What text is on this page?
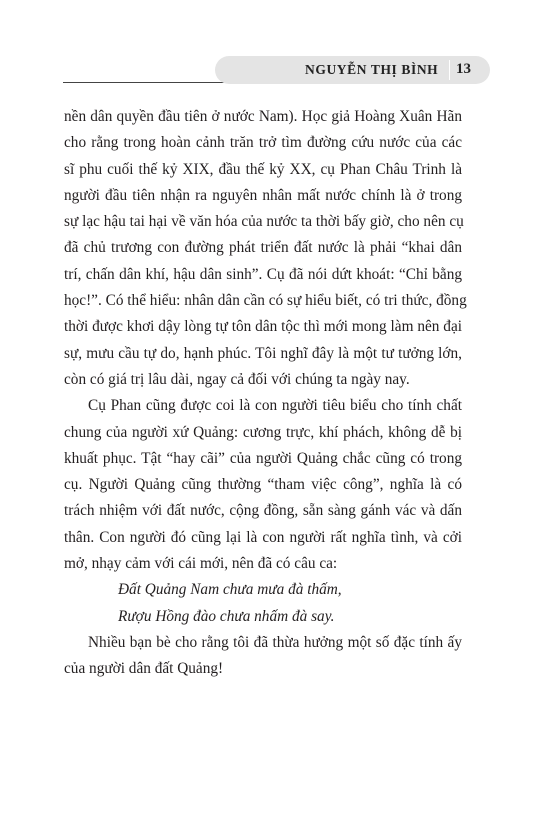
NGUYỄN THỊ BÌNH 13
nền dân quyền đầu tiên ở nước Nam). Học giả Hoàng Xuân Hãn
cho rằng trong hoàn cảnh trăn trở tìm đường cứu nước của các
sĩ phu cuối thế kỷ XIX, đầu thế kỷ XX, cụ Phan Châu Trinh là
người đầu tiên nhận ra nguyên nhân mất nước chính là ở trong
sự lạc hậu tai hại về văn hóa của nước ta thời bấy giờ, cho nên cụ
đã chủ trương con đường phát triển đất nước là phải “khai dân
trí, chấn dân khí, hậu dân sinh”. Cụ đã nói dứt khoát: “Chỉ bằng
học!”. Có thể hiểu: nhân dân cần có sự hiểu biết, có tri thức, đồng
thời được khơi dậy lòng tự tôn dân tộc thì mới mong làm nên đại
sự, mưu cầu tự do, hạnh phúc. Tôi nghĩ đây là một tư tưởng lớn,
còn có giá trị lâu dài, ngay cả đối với chúng ta ngày nay.
Cụ Phan cũng được coi là con người tiêu biểu cho tính chất
chung của người xứ Quảng: cương trực, khí phách, không dễ bị
khuất phục. Tật “hay cãi” của người Quảng chắc cũng có trong
cụ. Người Quảng cũng thường “tham việc công”, nghĩa là có
trách nhiệm với đất nước, cộng đồng, sẵn sàng gánh vác và dấn
thân. Con người đó cũng lại là con người rất nghĩa tình, và cởi
mở, nhạy cảm với cái mới, nên đã có câu ca:
Đất Quảng Nam chưa mưa đà thấm,
Rượu Hồng đào chưa nhấm đà say.
Nhiều bạn bè cho rằng tôi đã thừa hưởng một số đặc tính ấy
của người dân đất Quảng!
